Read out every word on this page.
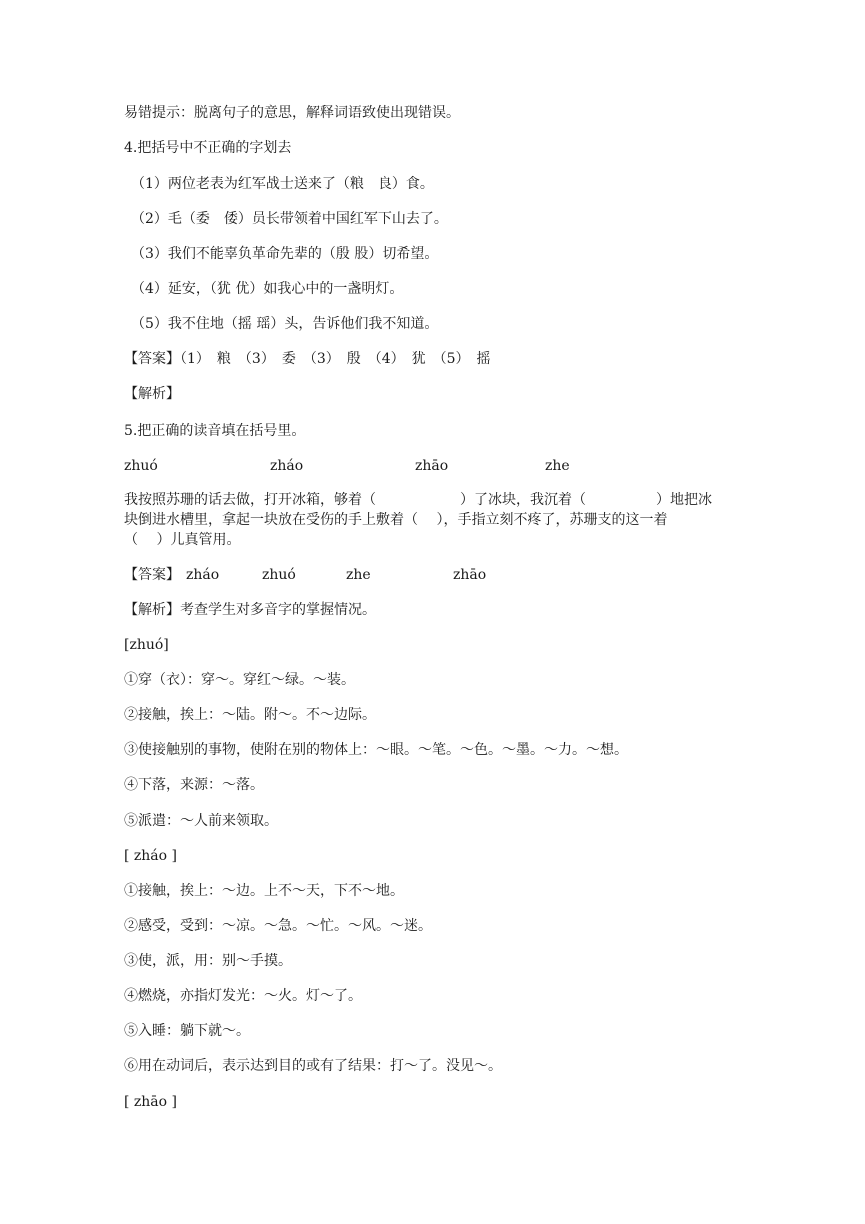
易错提示：脱离句子的意思，解释词语致使出现错误。
4.把括号中不正确的字划去
（1）两位老表为红军战士送来了（粮　良）食。
（2）毛（委　倭）员长带领着中国红军下山去了。
（3）我们不能辜负革命先辈的（殷 股）切希望。
（4）延安，（犹 优）如我心中的一盏明灯。
（5）我不住地（摇 瑶）头，告诉他们我不知道。
【答案】（1）　粮　（3）　委　（3）　殷　（4）　犹　（5）　摇
【解析】
5.把正确的读音填在括号里。
zhuó	zháo	zhāo	zhe
我按照苏珊的话去做，打开冰箱，够着（　　　　　　）了冰块，我沉着（　　　　　）地把冰
块倒进水槽里，拿起一块放在受伤的手上敷着（　 ），手指立刻不疼了，苏珊支的这一着
（　 ）儿真管用。
【答案】 zháo	zhuó	zhe	zhāo
【解析】考查学生对多音字的掌握情况。
[zhuó]
①穿（衣）：穿～。穿红～绿。～装。
②接触，挨上：～陆。附～。不～边际。
③使接触别的事物，使附在别的物体上：～眼。～笔。～色。～墨。～力。～想。
④下落，来源：～落。
⑤派遣：～人前来领取。
[ zháo ]
①接触，挨上：～边。上不～天，下不～地。
②感受，受到：～凉。～急。～忙。～风。～迷。
③使，派，用：别～手摸。
④燃烧，亦指灯发光：～火。灯～了。
⑤入睡：躺下就～。
⑥用在动词后，表示达到目的或有了结果：打～了。没见～。
[ zhāo ]
